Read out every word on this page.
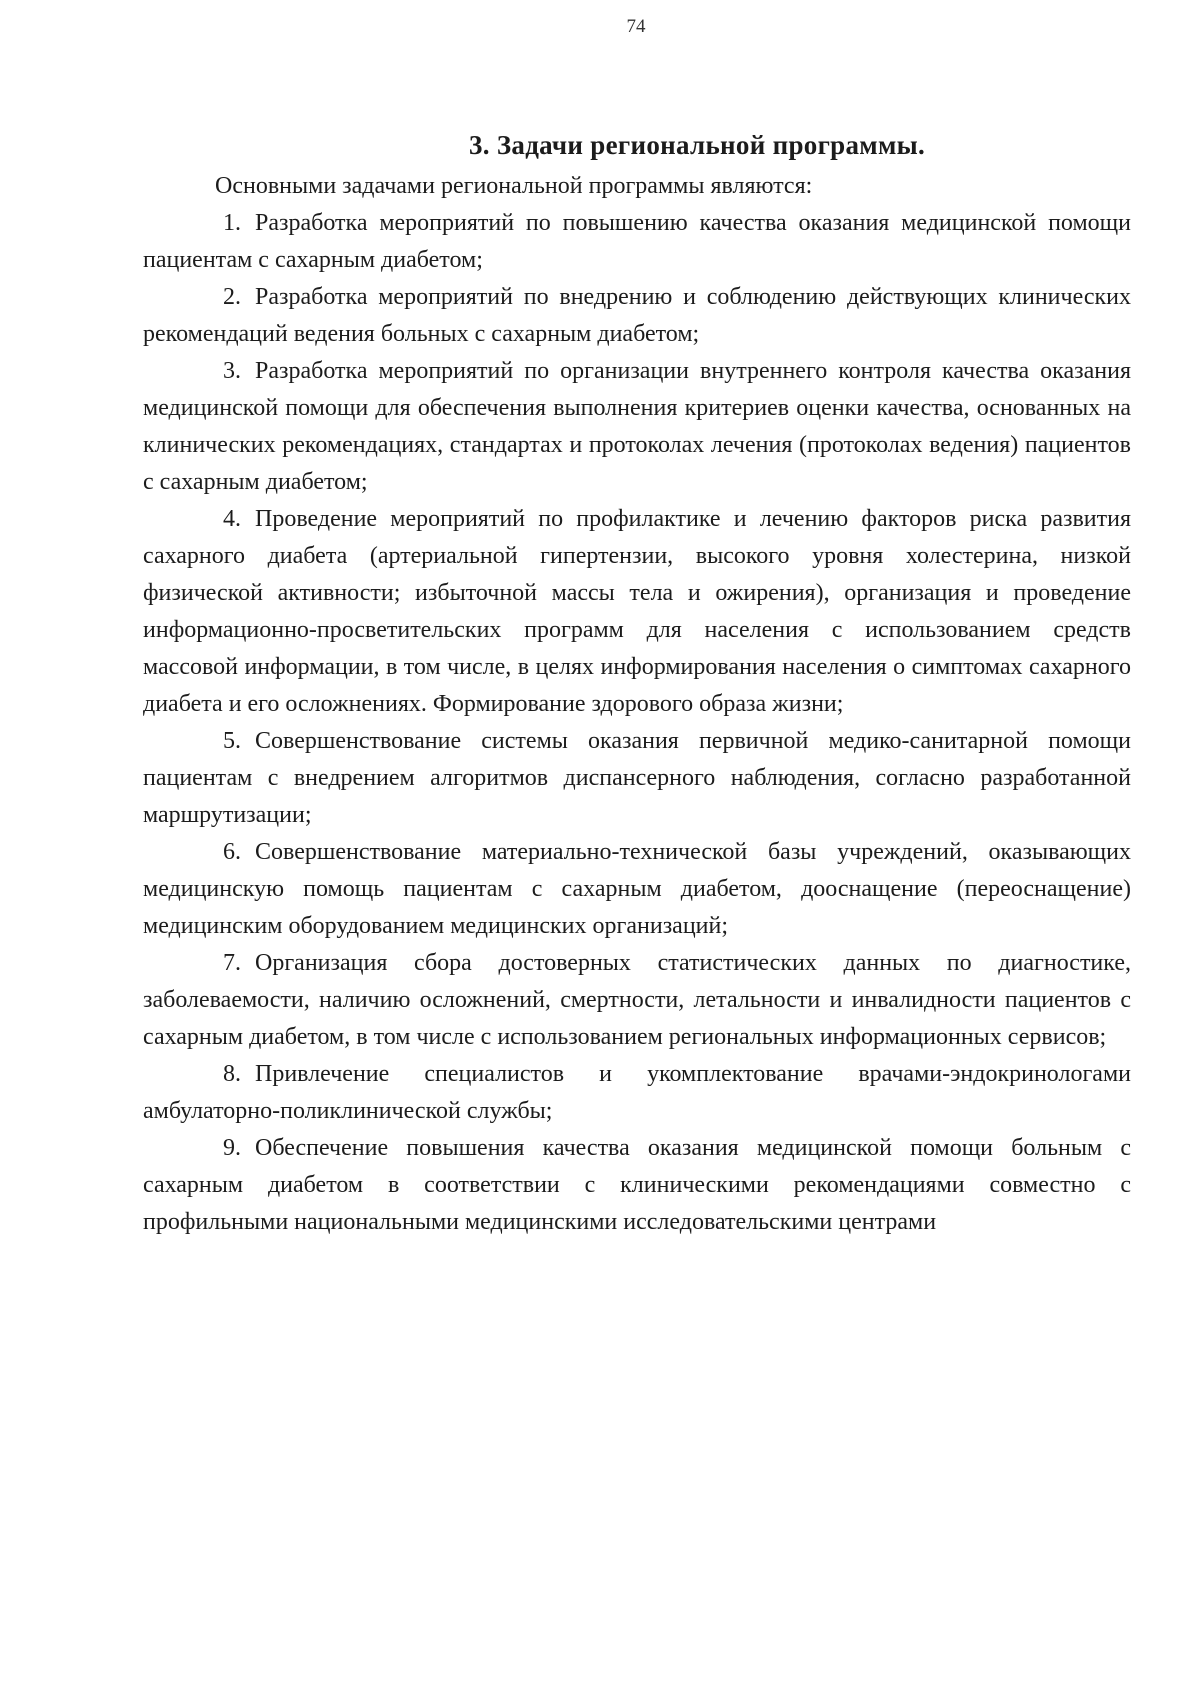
74
3. Задачи региональной программы.

Основными задачами региональной программы являются:

1. Разработка мероприятий по повышению качества оказания медицинской помощи пациентам с сахарным диабетом;

2. Разработка мероприятий по внедрению и соблюдению действующих клинических рекомендаций ведения больных с сахарным диабетом;

3. Разработка мероприятий по организации внутреннего контроля качества оказания медицинской помощи для обеспечения выполнения критериев оценки качества, основанных на клинических рекомендациях, стандартах и протоколах лечения (протоколах ведения) пациентов с сахарным диабетом;

4. Проведение мероприятий по профилактике и лечению факторов риска развития сахарного диабета (артериальной гипертензии, высокого уровня холестерина, низкой физической активности; избыточной массы тела и ожирения), организация и проведение информационно-просветительских программ для населения с использованием средств массовой информации, в том числе, в целях информирования населения о симптомах сахарного диабета и его осложнениях. Формирование здорового образа жизни;

5. Совершенствование системы оказания первичной медико-санитарной помощи пациентам с внедрением алгоритмов диспансерного наблюдения, согласно разработанной маршрутизации;

6. Совершенствование материально-технической базы учреждений, оказывающих медицинскую помощь пациентам с сахарным диабетом, дооснащение (переоснащение) медицинским оборудованием медицинских организаций;

7. Организация сбора достоверных статистических данных по диагностике, заболеваемости, наличию осложнений, смертности, летальности и инвалидности пациентов с сахарным диабетом, в том числе с использованием региональных информационных сервисов;

8. Привлечение специалистов и укомплектование врачами-эндокринологами амбулаторно-поликлинической службы;

9. Обеспечение повышения качества оказания медицинской помощи больным с сахарным диабетом в соответствии с клиническими рекомендациями совместно с профильными национальными медицинскими исследовательскими центрами
